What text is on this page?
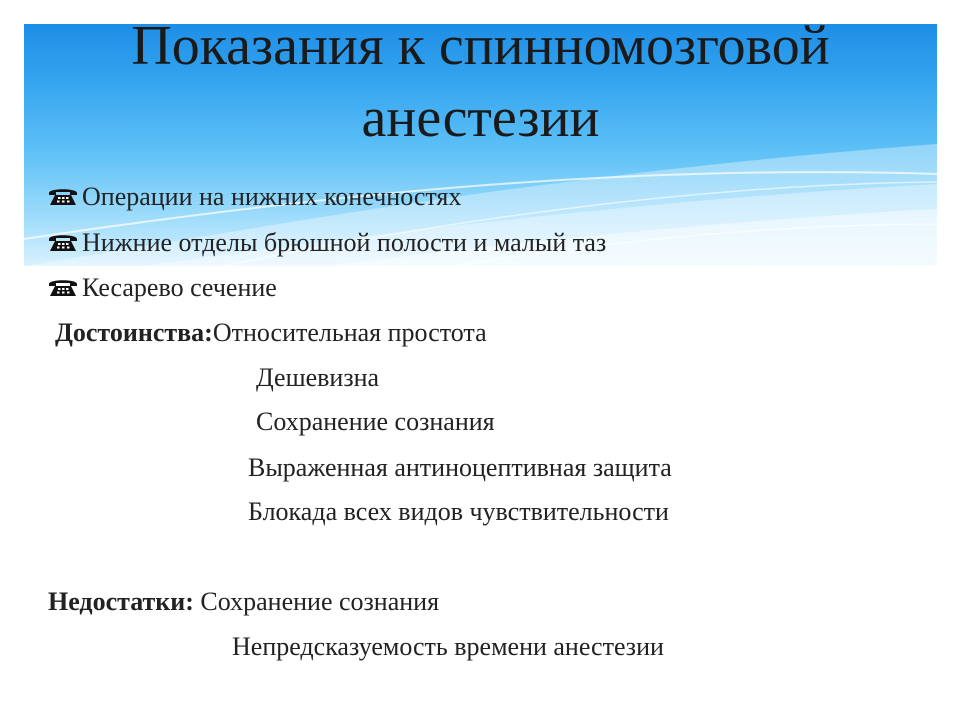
Показания к спинномозговой
анестезии
Операции на нижних конечностях
Нижние отделы брюшной полости и малый таз
Кесарево сечение
Достоинства:Относительная простота
Дешевизна
Сохранение сознания
Выраженная антиноцептивная защита
Блокада всех видов чувствительности
Недостатки: Сохранение сознания
Непредсказуемость времени анестезии
